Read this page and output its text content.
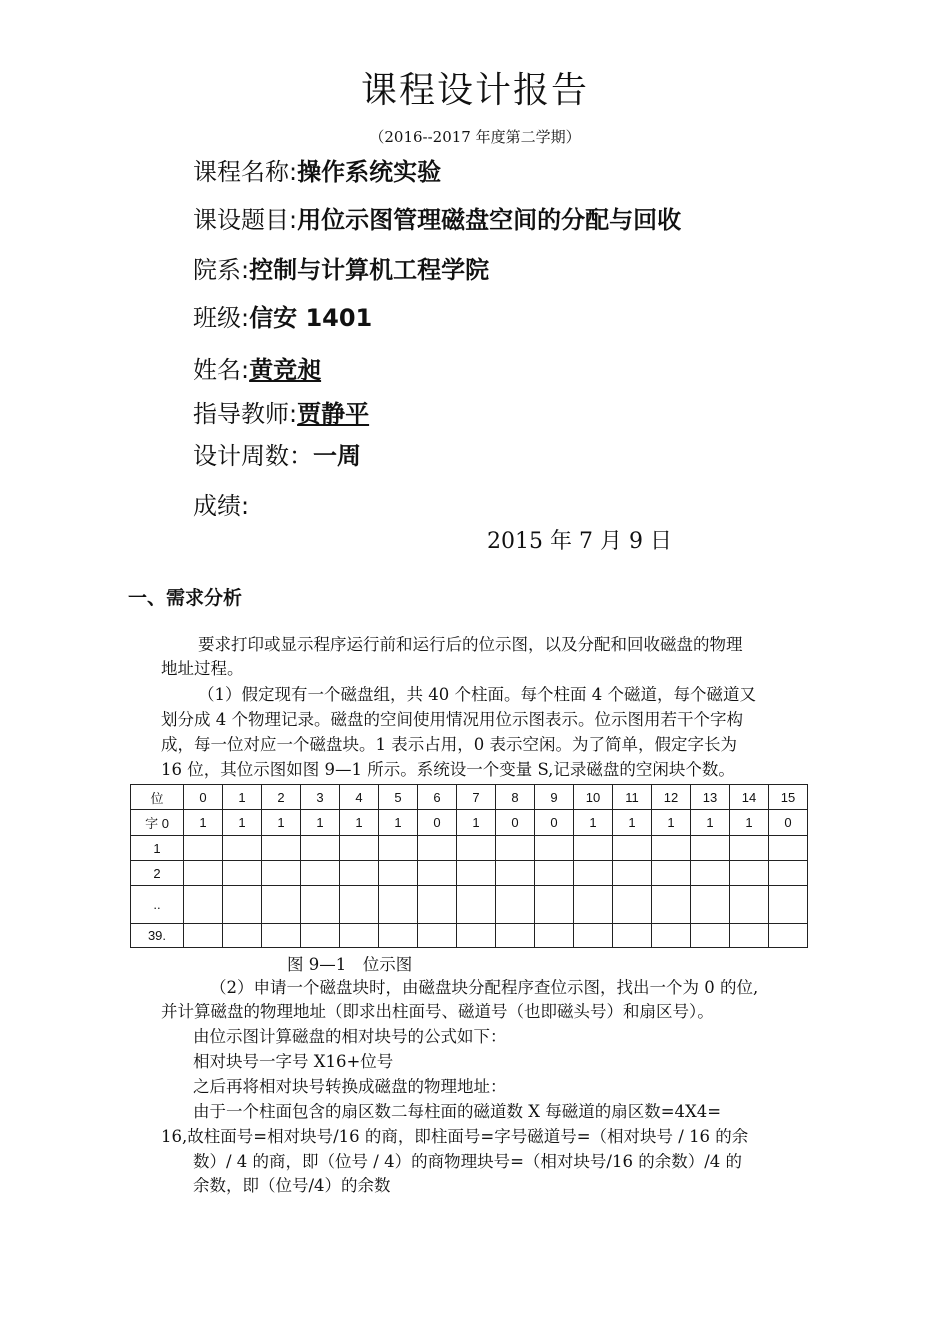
课程设计报告
（2016--2017 年度第二学期）
课程名称:操作系统实验
课设题目:用位示图管理磁盘空间的分配与回收
院系:控制与计算机工程学院
班级:信安 1401
姓名:黄竞昶
指导教师:贾静平
设计周数：一周
成绩:
2015 年 7 月 9 日
一、需求分析
要求打印或显示程序运行前和运行后的位示图，以及分配和回收磁盘的物理
地址过程。
（1）假定现有一个磁盘组，共 40 个柱面。每个柱面 4 个磁道，每个磁道又
划分成 4 个物理记录。磁盘的空间使用情况用位示图表示。位示图用若干个字构
成，每一位对应一个磁盘块。1 表示占用，0 表示空闲。为了简单，假定字长为
16 位，其位示图如图 9—1 所示。系统设一个变量 S,记录磁盘的空闲块个数。
位	0	1	2	3	4	5	6	7	8	9	10	11	12	13	14	15
字 0	1	1	1	1	1	1	0	1	0	0	1	1	1	1	1	0
1																
2																
..																
39.																
图 9—1　位示图
（2）申请一个磁盘块时，由磁盘块分配程序查位示图，找出一个为 0 的位,
并计算磁盘的物理地址（即求出柱面号、磁道号（也即磁头号）和扇区号）。
由位示图计算磁盘的相对块号的公式如下：
相对块号一字号 X16+位号
之后再将相对块号转换成磁盘的物理地址：
由于一个柱面包含的扇区数二每柱面的磁道数 X 每磁道的扇区数=4X4=
16,故柱面号=相对块号/16 的商，即柱面号=字号磁道号=（相对块号 / 16 的余
数）/ 4 的商，即（位号 / 4）的商物理块号=（相对块号/16 的余数）/4 的
余数，即（位号/4）的余数
